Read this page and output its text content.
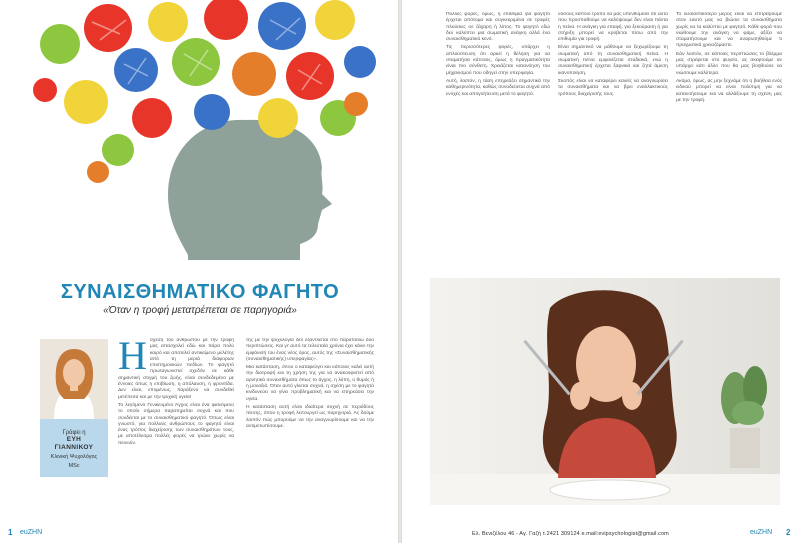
ΣΥΝΑΙΣΘΗΜΑΤΙΚΟ ΦΑΓΗΤΟ

«Όταν η τροφή μετατρέπεται σε παρηγοριά»

Γράφει η
ΕΥΗ
ΓΙΑΝΝΙΚΟΥ
Κλινική Ψυχολόγος
MSc
Η σχέση του ανθρώπου με την τροφή μας απασχολεί εδώ και πάρα πολύ καιρό και αποτελεί αντικείμενο μελέτης από τη μεριά διάφορων επιστημονικών πεδίων. Το φαγητό πρωταγωνιστεί σχεδόν σε κάθε σημαντική στιγμή του ζωής, είναι συνδεδεμένο με έννοιες όπως η επιβίωση, η απόλαυση, η φροντίδα. Δεν είναι, επομένως, παράξενο να συνδεθεί μετέπειτα και με την ψυχική υγεία!

Το λεγόμενο Γενικευμένο Άγχος είναι ένα φαινόμενο το οποίο σήμερα παρατηρείται συχνά και που συνδέεται με το συναισθηματικό φαγητό. Όπως είναι γνωστό, για πολλούς ανθρώπους το φαγητό είναι ένας τρόπος διαχείρισης των συναισθημάτων τους, με αποτέλεσμα πολλές φορές να τρώνε χωρίς να πεινούν.

της με την ψυχολογία δεν εξαντλείται στο παραπάνω δύο περιπτώσεις. Και γι' αυτό τα τελευταία χρόνια έχει κάνει την εμφάνισή του ένας νέος όρος, αυτός της «Συναισθηματικής (συναισθηματικής) υπερφαγίας».

Μια κατάσταση, όπου ο καταφεύγει και κάποιος καλεί αυτή την διατροφή και τη χρήση της για να ανακουφιστεί από αρνητικά συναισθήματα όπως το άγχος, η λύπη, ο θυμός ή η μοναξιά. Όταν αυτό γίνεται συχνά, η σχέση με το φαγητό κινδυνεύει να γίνει προβληματική και να επηρεάσει την υγεία.

Η κατάσταση αυτή είναι ιδιαίτερα συχνή σε περιόδους πίεσης, όπου η τροφή λειτουργεί ως παρηγοριά. Ας δούμε λοιπόν πώς μπορούμε να την αναγνωρίσουμε και να την αντιμετωπίσουμε.

1 euZHN

Πολλές φορές, όμως, η επιθυμία για φαγητό έρχεται απότομα και συγκεκριμένα σε τροφές πλούσιες σε ζάχαρη ή λίπος. Το φαγητό εδώ δεν καλύπτει μια σωματική ανάγκη αλλά ένα συναισθηματικό κενό.

Τις περισσότερες φορές, υπάρχει η απλούστευση ότι αρκεί η θέληση για να σταματήσει κάποιος, όμως η πραγματικότητα είναι πιο σύνθετη. Χρειάζεται κατανόηση του μηχανισμού που οδηγεί στην υπερφαγία.

Αυτή, λοιπόν, η τάση επηρεάζει σημαντικά την καθημερινότητα, καθώς συνοδεύεται συχνά από ενοχές και απογοήτευση μετά το φαγητό.

νόσους κάποιο τρόπο να μας υπενθυμίσει ότι αυτό που προσπαθούμε να καλύψουμε δεν είναι πάντα η πείνα. Η ανάγκη για επαφή, για ξεκούραση ή για στήριξη μπορεί να κρύβεται πίσω από την επιθυμία για τροφή.

Είναι σημαντικό να μάθουμε να ξεχωρίζουμε τη σωματική από τη συναισθηματική πείνα. Η σωματική πείνα εμφανίζεται σταδιακά, ενώ η συναισθηματική έρχεται ξαφνικά και ζητά άμεση ικανοποίηση.

Σκοπός είναι να καταφέρει κανείς να αναγνωρίσει τα συναισθήματα και να βρει εναλλακτικούς τρόπους διαχείρισής τους.

Το ουσιαστικότερο μέρος είναι να επιτρέψουμε στον εαυτό μας να βιώσει τα συναισθήματα χωρίς να τα καλύπτει με φαγητό. Κάθε φορά που νιώθουμε την ανάγκη να φάμε, αξίζει να σταματήσουμε και να αναρωτηθούμε τι πραγματικά χρειαζόμαστε.

Εάν λοιπόν, σε κάποιες περιπτώσεις το βλέμμα μας στρέφεται στο ψυγείο, ας σκεφτούμε αν υπάρχει κάτι άλλο που θα μας βοηθούσε να νιώσουμε καλύτερα.

Ακόμα, όμως, ας μην ξεχνάμε ότι η βοήθεια ενός ειδικού μπορεί να είναι πολύτιμη για να κατανοήσουμε και να αλλάξουμε τη σχέση μας με την τροφή.

Ελ. Βενιζέλου 46 - Αγ. Γαζή τ.2421 309124 e.mail:evipsychologist@gmail.com	euZHN 2
